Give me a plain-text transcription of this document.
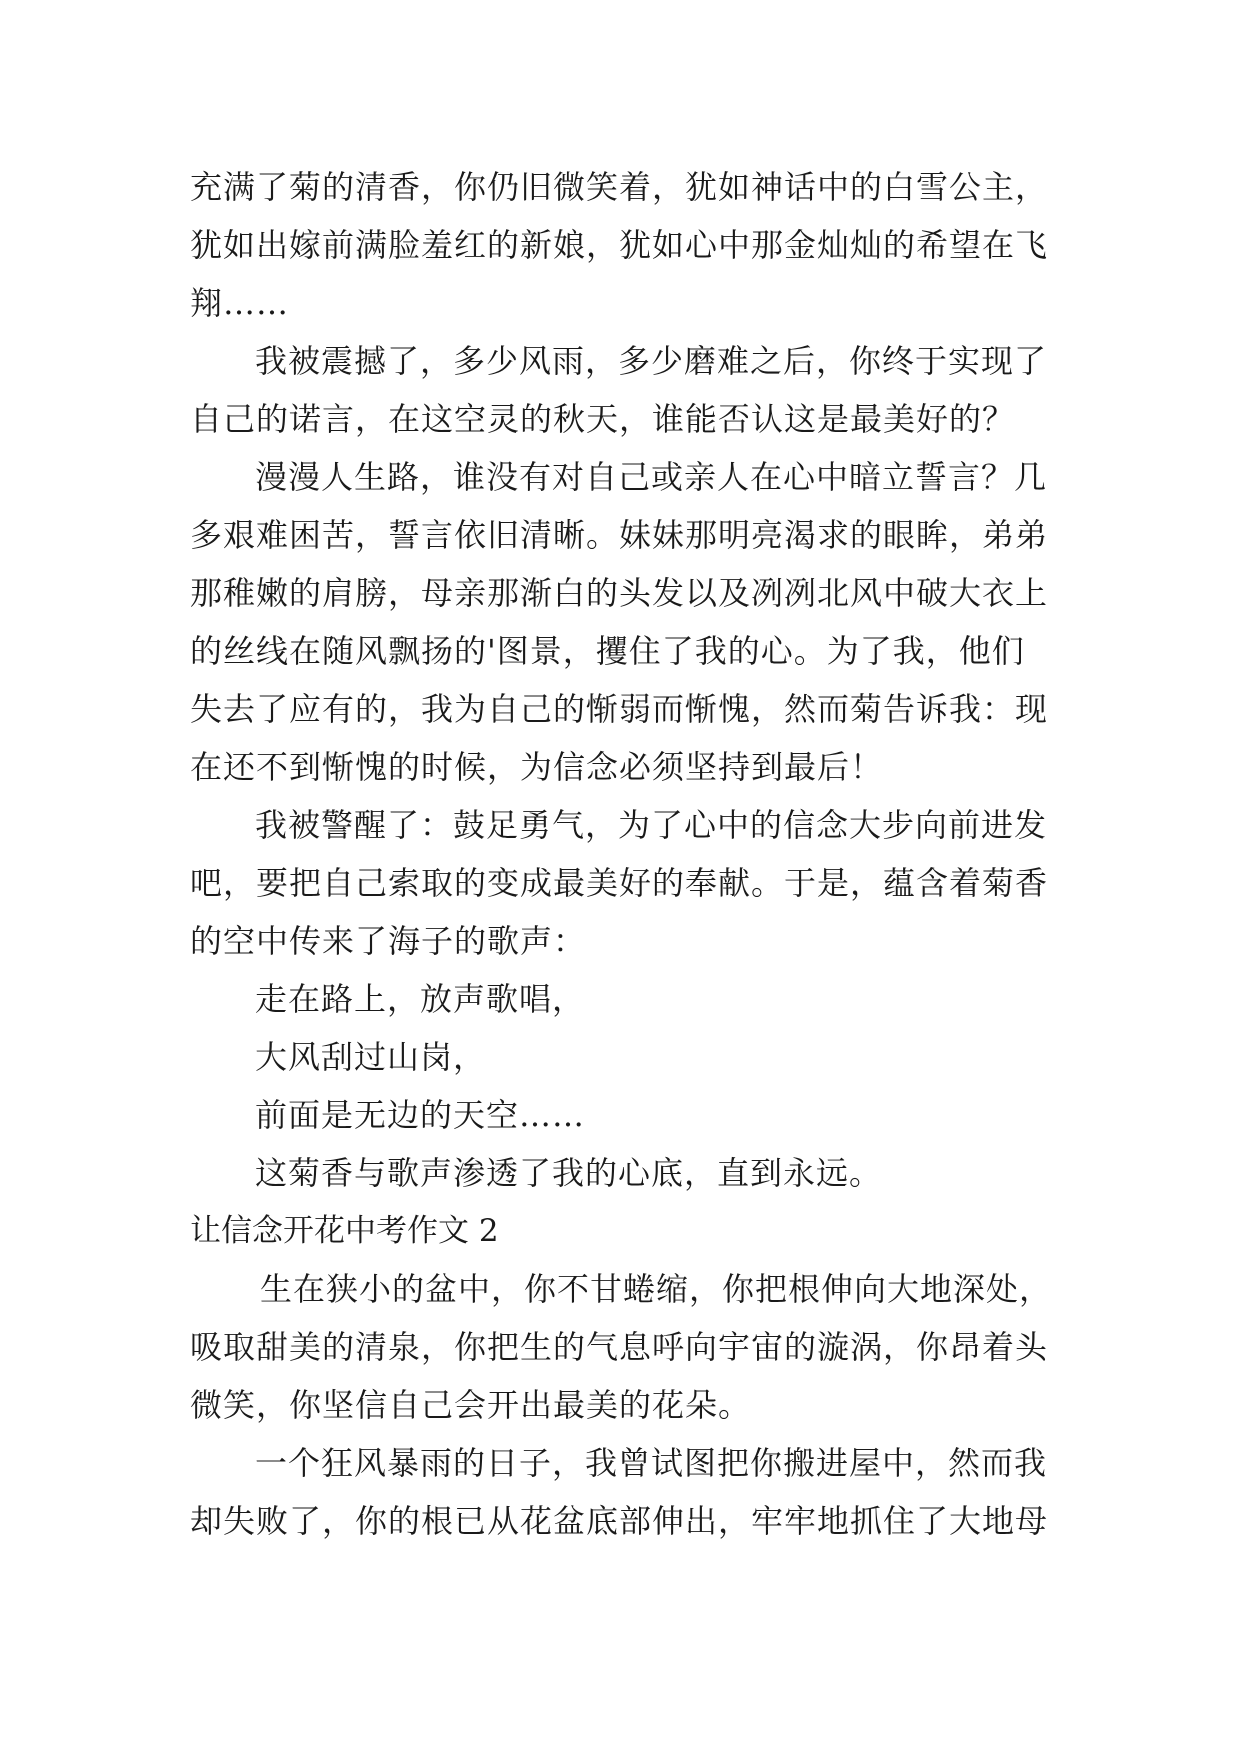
充满了菊的清香，你仍旧微笑着，犹如神话中的白雪公主，
犹如出嫁前满脸羞红的新娘，犹如心中那金灿灿的希望在飞
翔……
我被震撼了，多少风雨，多少磨难之后，你终于实现了
自己的诺言，在这空灵的秋天，谁能否认这是最美好的？
漫漫人生路，谁没有对自己或亲人在心中暗立誓言？几
多艰难困苦，誓言依旧清晰。妹妹那明亮渴求的眼眸，弟弟
那稚嫩的肩膀，母亲那渐白的头发以及冽冽北风中破大衣上
的丝线在随风飘扬的'图景，攫住了我的心。为了我，他们
失去了应有的，我为自己的惭弱而惭愧，然而菊告诉我：现
在还不到惭愧的时候，为信念必须坚持到最后！
我被警醒了：鼓足勇气，为了心中的信念大步向前进发
吧，要把自己索取的变成最美好的奉献。于是，蕴含着菊香
的空中传来了海子的歌声：
走在路上，放声歌唱，
大风刮过山岗，
前面是无边的天空……
这菊香与歌声渗透了我的心底，直到永远。
让信念开花中考作文 2
生在狭小的盆中，你不甘蜷缩，你把根伸向大地深处，
吸取甜美的清泉，你把生的气息呼向宇宙的漩涡，你昂着头
微笑，你坚信自己会开出最美的花朵。
一个狂风暴雨的日子，我曾试图把你搬进屋中，然而我
却失败了，你的根已从花盆底部伸出，牢牢地抓住了大地母
